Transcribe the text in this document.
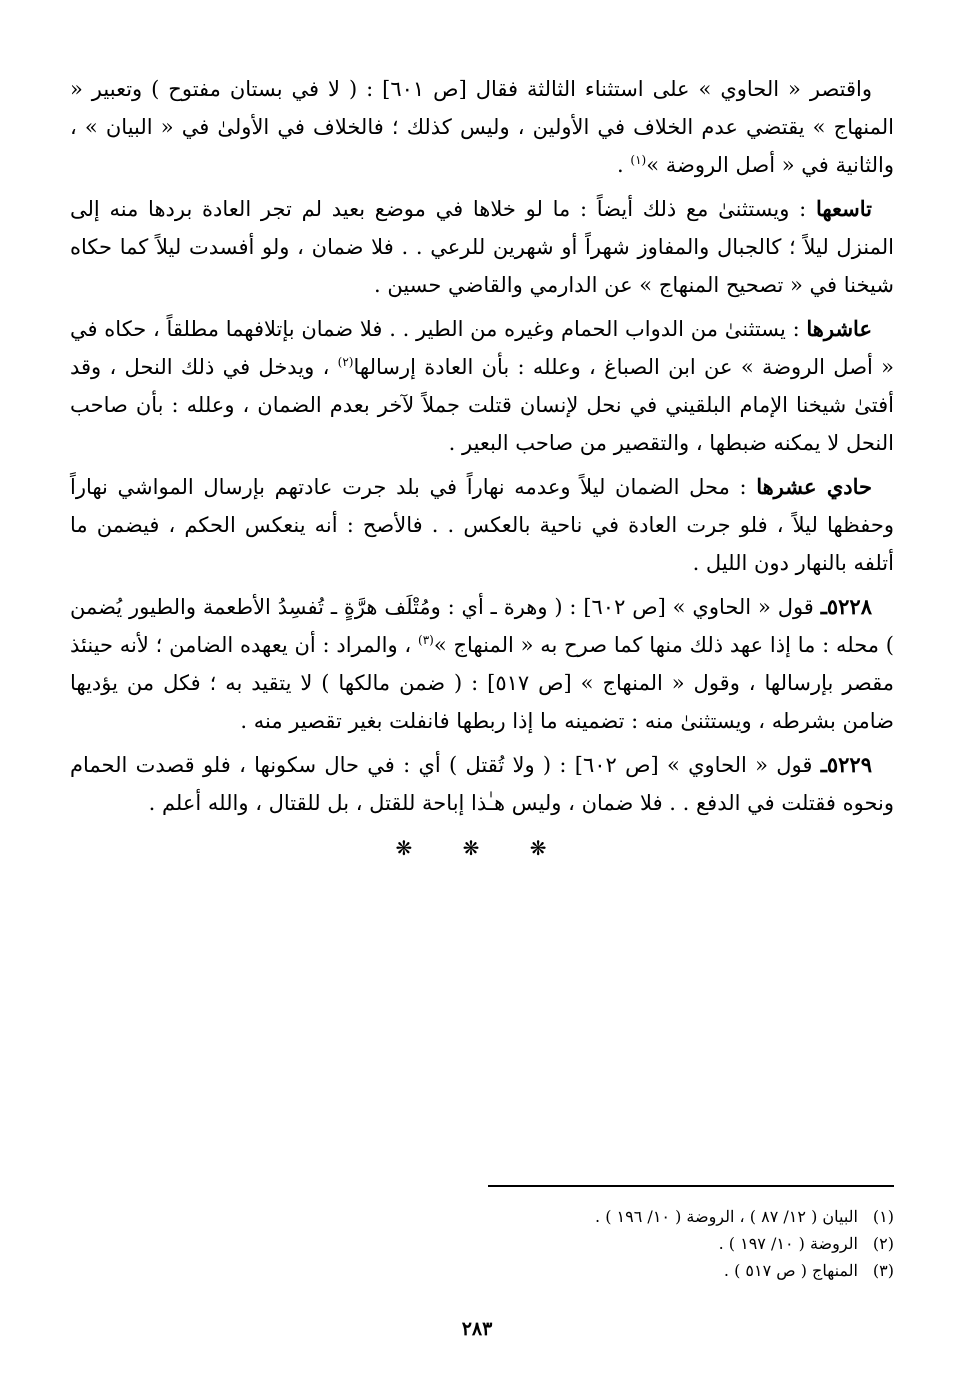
واقتصر « الحاوي » على استثناء الثالثة فقال [ص ٦٠١] : ( لا في بستان مفتوح ) وتعبير « المنهاج » يقتضي عدم الخلاف في الأولين ، وليس كذلك ؛ فالخلاف في الأولىٰ في « البيان » ، والثانية في « أصل الروضة »$^{(١)}$ .

تاسعها : ويستثنىٰ مع ذلك أيضاً : ما لو خلاها في موضع بعيد لم تجر العادة بردها منه إلى المنزل ليلاً ؛ كالجبال والمفاوز شهراً أو شهرين للرعي . . فلا ضمان ، ولو أفسدت ليلاً كما حكاه شيخنا في « تصحيح المنهاج » عن الدارمي والقاضي حسين .

عاشرها : يستثنىٰ من الدواب الحمام وغيره من الطير . . فلا ضمان بإتلافهما مطلقاً ، حكاه في « أصل الروضة » عن ابن الصباغ ، وعلله : بأن العادة إرسالها$^{(٢)}$ ، ويدخل في ذلك النحل ، وقد أفتىٰ شيخنا الإمام البلقيني في نحل لإنسان قتلت جملاً لآخر بعدم الضمان ، وعلله : بأن صاحب النحل لا يمكنه ضبطها ، والتقصير من صاحب البعير .

حادي عشرها : محل الضمان ليلاً وعدمه نهاراً في بلد جرت عادتهم بإرسال المواشي نهاراً وحفظها ليلاً ، فلو جرت العادة في ناحية بالعكس . . فالأصح : أنه ينعكس الحكم ، فيضمن ما أتلفه بالنهار دون الليل .

٥٢٢٨ـ قول « الحاوي » [ص ٦٠٢] : ( وهرة ـ أي : ومُتْلَف هرَّةٍ ـ تُفسِدُ الأطعمة والطيور يُضمن ) محله : ما إذا عهد ذلك منها كما صرح به « المنهاج »$^{(٣)}$ ، والمراد : أن يعهده الضامن ؛ لأنه حينئذ مقصر بإرسالها ، وقول « المنهاج » [ص ٥١٧] : ( ضمن مالكها ) لا يتقيد به ؛ فكل من يؤديها ضامن بشرطه ، ويستثنىٰ منه : تضمينه ما إذا ربطها فانفلت بغير تقصير منه .

٥٢٢٩ـ قول « الحاوي » [ص ٦٠٢] : ( ولا تُقتل ) أي : في حال سكونها ، فلو قصدت الحمام ونحوه فقتلت في الدفع . . فلا ضمان ، وليس هـٰذا إباحة للقتل ، بل للقتال ، والله أعلم .

❋ ❋ ❋
(١)البيان ( ١٢/ ٨٧ ) ، الروضة ( ١٠/ ١٩٦ ) .
(٢)الروضة ( ١٠/ ١٩٧ ) .
(٣)المنهاج ( ص ٥١٧ ) .
٢٨٣
